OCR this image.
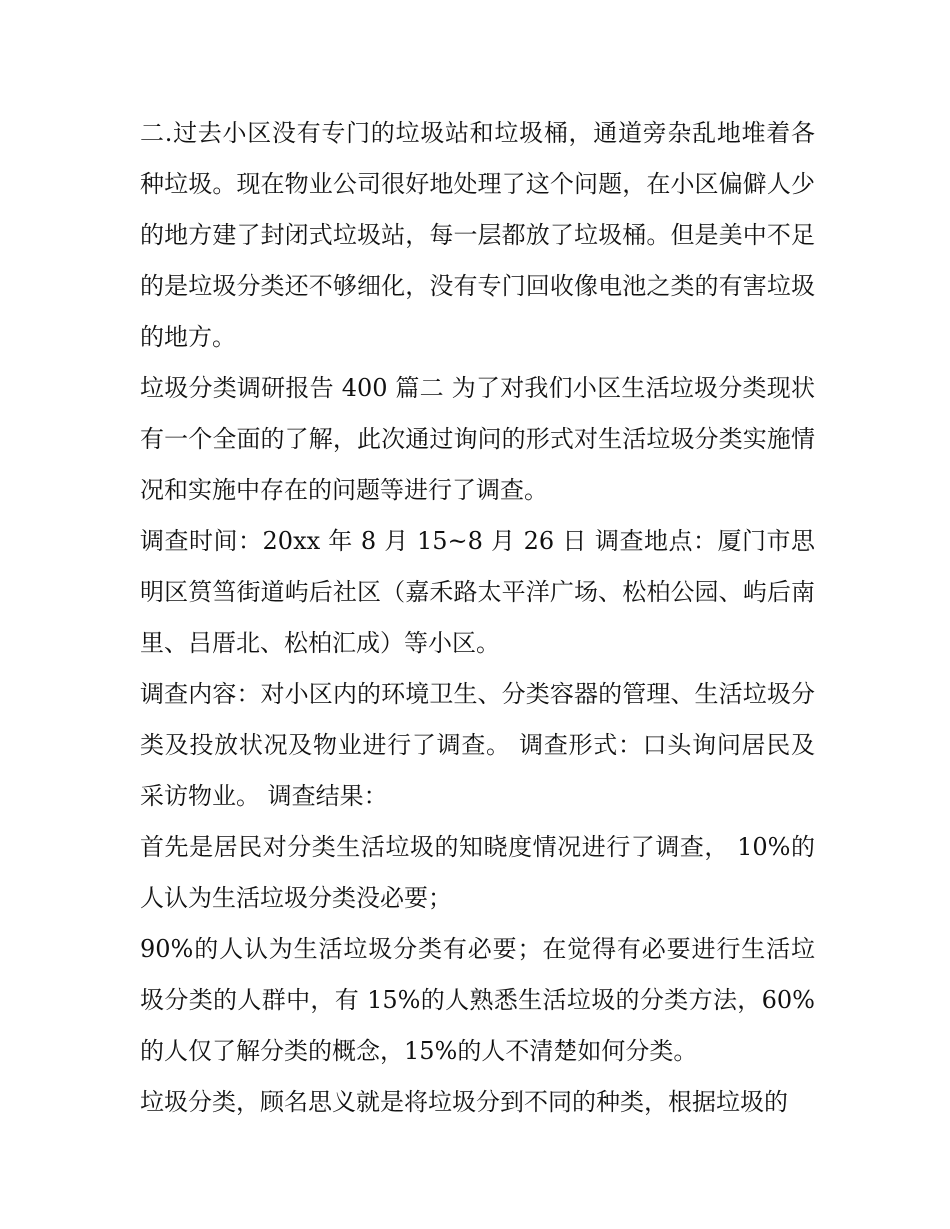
二.过去小区没有专门的垃圾站和垃圾桶，通道旁杂乱地堆着各种垃圾。现在物业公司很好地处理了这个问题，在小区偏僻人少的地方建了封闭式垃圾站，每一层都放了垃圾桶。但是美中不足的是垃圾分类还不够细化，没有专门回收像电池之类的有害垃圾的地方。

垃圾分类调研报告 400 篇二 为了对我们小区生活垃圾分类现状有一个全面的了解，此次通过询问的形式对生活垃圾分类实施情况和实施中存在的问题等进行了调查。

调查时间：20xx 年 8 月 15~8 月 26 日 调查地点：厦门市思明区筼筜街道屿后社区（嘉禾路太平洋广场、松柏公园、屿后南里、吕厝北、松柏汇成）等小区。

调查内容：对小区内的环境卫生、分类容器的管理、生活垃圾分类及投放状况及物业进行了调查。 调查形式：口头询问居民及采访物业。 调查结果：

首先是居民对分类生活垃圾的知晓度情况进行了调查， 10%的人认为生活垃圾分类没必要；

90%的人认为生活垃圾分类有必要；在觉得有必要进行生活垃圾分类的人群中，有 15%的人熟悉生活垃圾的分类方法，60%的人仅了解分类的概念，15%的人不清楚如何分类。

垃圾分类，顾名思义就是将垃圾分到不同的种类，根据垃圾的
